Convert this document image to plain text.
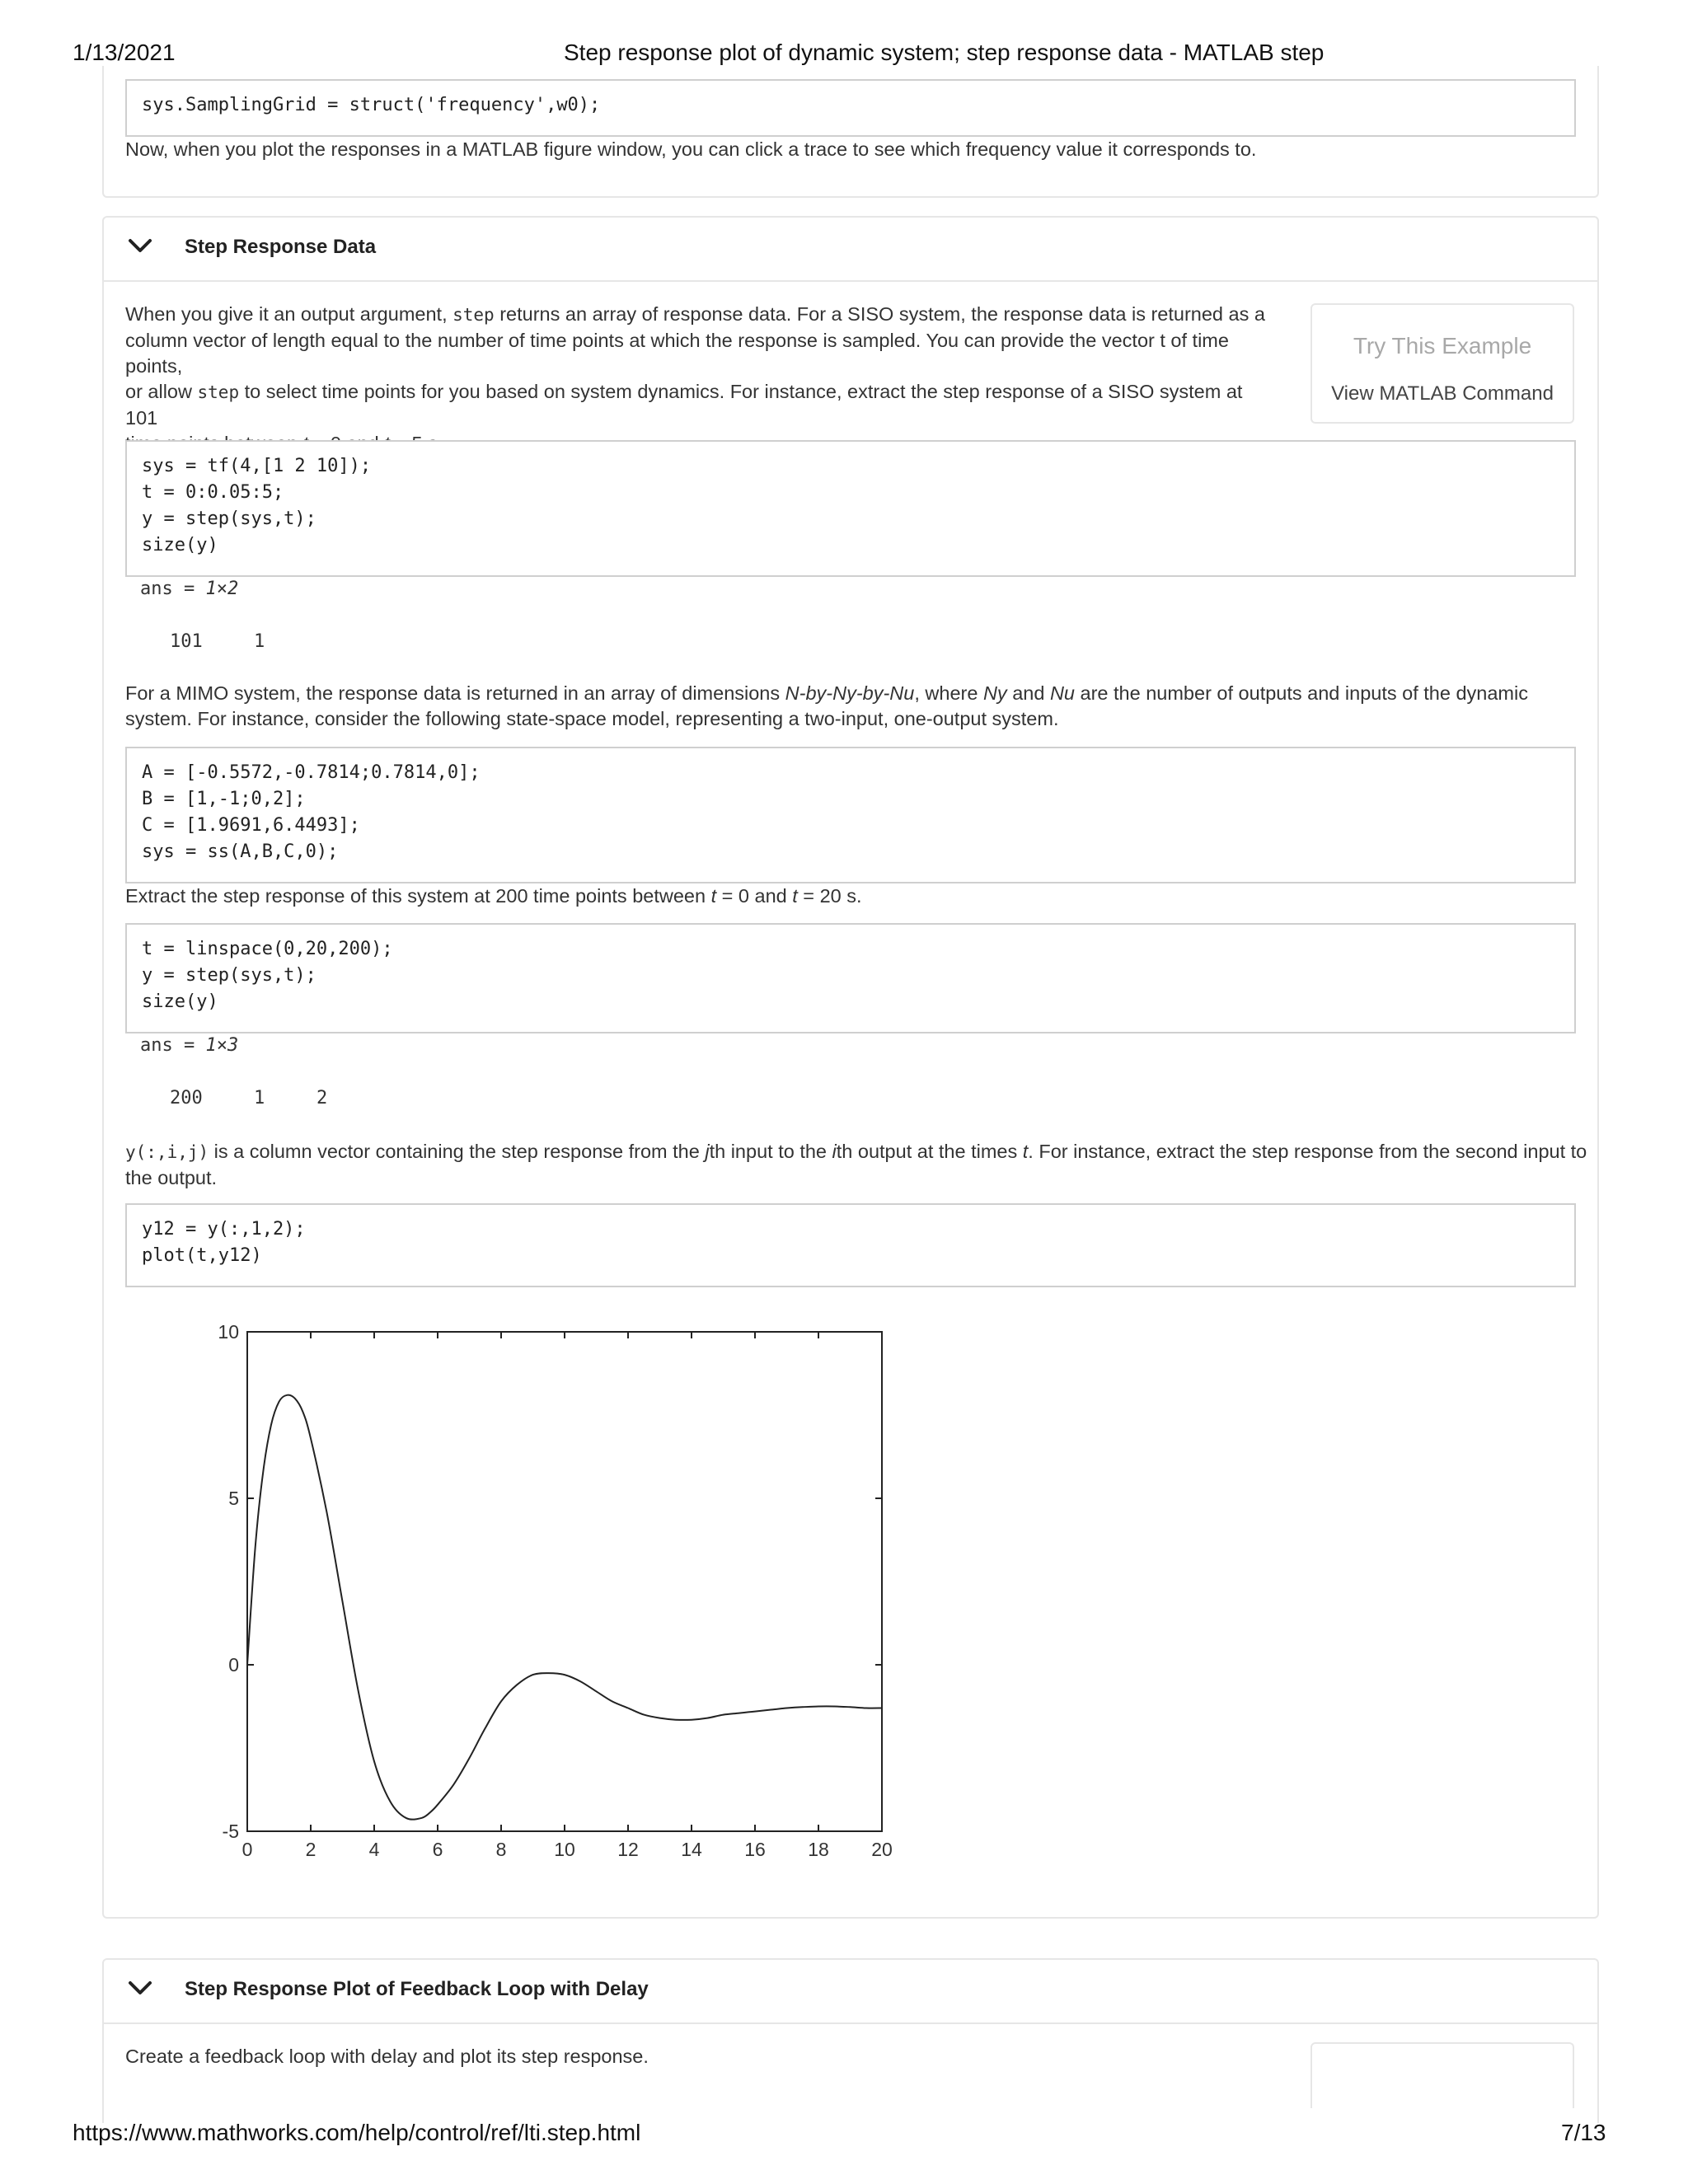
1/13/2021	Step response plot of dynamic system; step response data - MATLAB step
sys.SamplingGrid = struct('frequency',w0);
Now, when you plot the responses in a MATLAB figure window, you can click a trace to see which frequency value it corresponds to.
Step Response Data
When you give it an output argument, step returns an array of response data. For a SISO system, the response data is returned as a
column vector of length equal to the number of time points at which the response is sampled. You can provide the vector t of time points,
or allow step to select time points for you based on system dynamics. For instance, extract the step response of a SISO system at 101
Try This Example
View MATLAB Command
sys = tf(4,[1 2 10]);
t = 0:0.05:5;
y = step(sys,t);
size(y)
ans = 1×2
101	1
For a MIMO system, the response data is returned in an array of dimensions N-by-Ny-by-Nu, where Ny and Nu are the number of outputs and inputs of the dynamic
system. For instance, consider the following state-space model, representing a two-input, one-output system.
A = [-0.5572,-0.7814;0.7814,0];
B = [1,-1;0,2];
C = [1.9691,6.4493];
sys = ss(A,B,C,0);
Extract the step response of this system at 200 time points between t = 0 and t = 20 s.
t = linspace(0,20,200);
y = step(sys,t);
size(y)
ans = 1×3
200	1	2
y(:,i,j) is a column vector containing the step response from the jth input to the ith output at the times t. For instance, extract the step response from the second input to
the output.
y12 = y(:,1,2);
plot(t,y12)
0	2	4	6	8	10 12 14 16 18 20
-5
0
5
10
Step Response Plot of Feedback Loop with Delay
Create a feedback loop with delay and plot its step response.
https://www.mathworks.com/help/control/ref/lti.step.html	7/13
